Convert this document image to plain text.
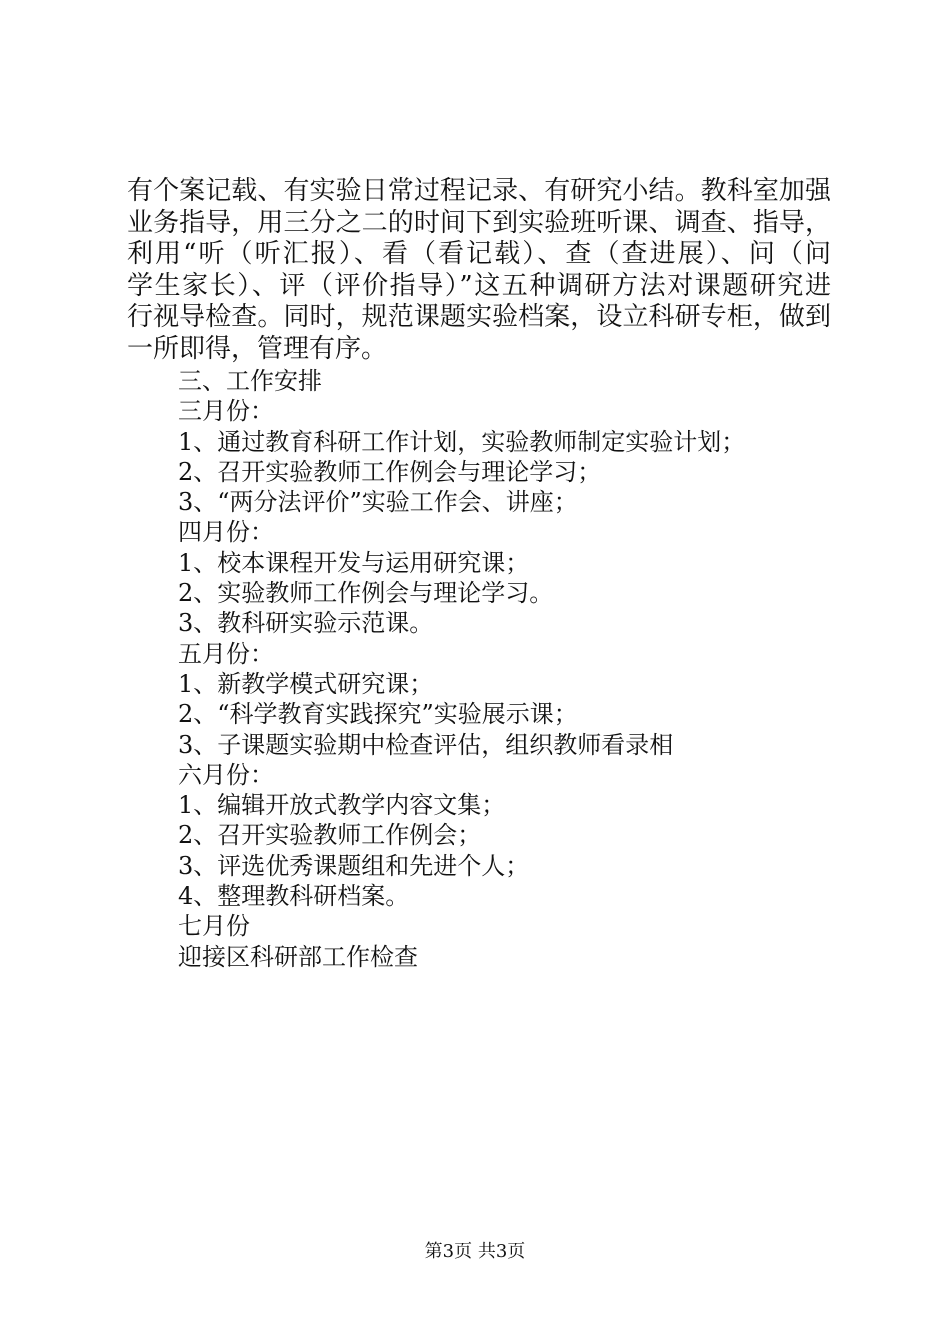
有个案记载、有实验日常过程记录、有研究小结。教科室加强
业务指导，用三分之二的时间下到实验班听课、调查、指导，
利用“听（听汇报）、看（看记载）、查（查进展）、问（问
学生家长）、评（评价指导）”这五种调研方法对课题研究进
行视导检查。同时，规范课题实验档案，设立科研专柜，做到
一所即得，管理有序。
三、工作安排
三月份：
1、通过教育科研工作计划，实验教师制定实验计划；
2、召开实验教师工作例会与理论学习；
3、“两分法评价”实验工作会、讲座；
四月份：
1、校本课程开发与运用研究课；
2、实验教师工作例会与理论学习。
3、教科研实验示范课。
五月份：
1、新教学模式研究课；
2、“科学教育实践探究”实验展示课；
3、子课题实验期中检查评估，组织教师看录相
六月份：
1、编辑开放式教学内容文集；
2、召开实验教师工作例会；
3、评选优秀课题组和先进个人；
4、整理教科研档案。
七月份
迎接区科研部工作检查
第3页 共3页
